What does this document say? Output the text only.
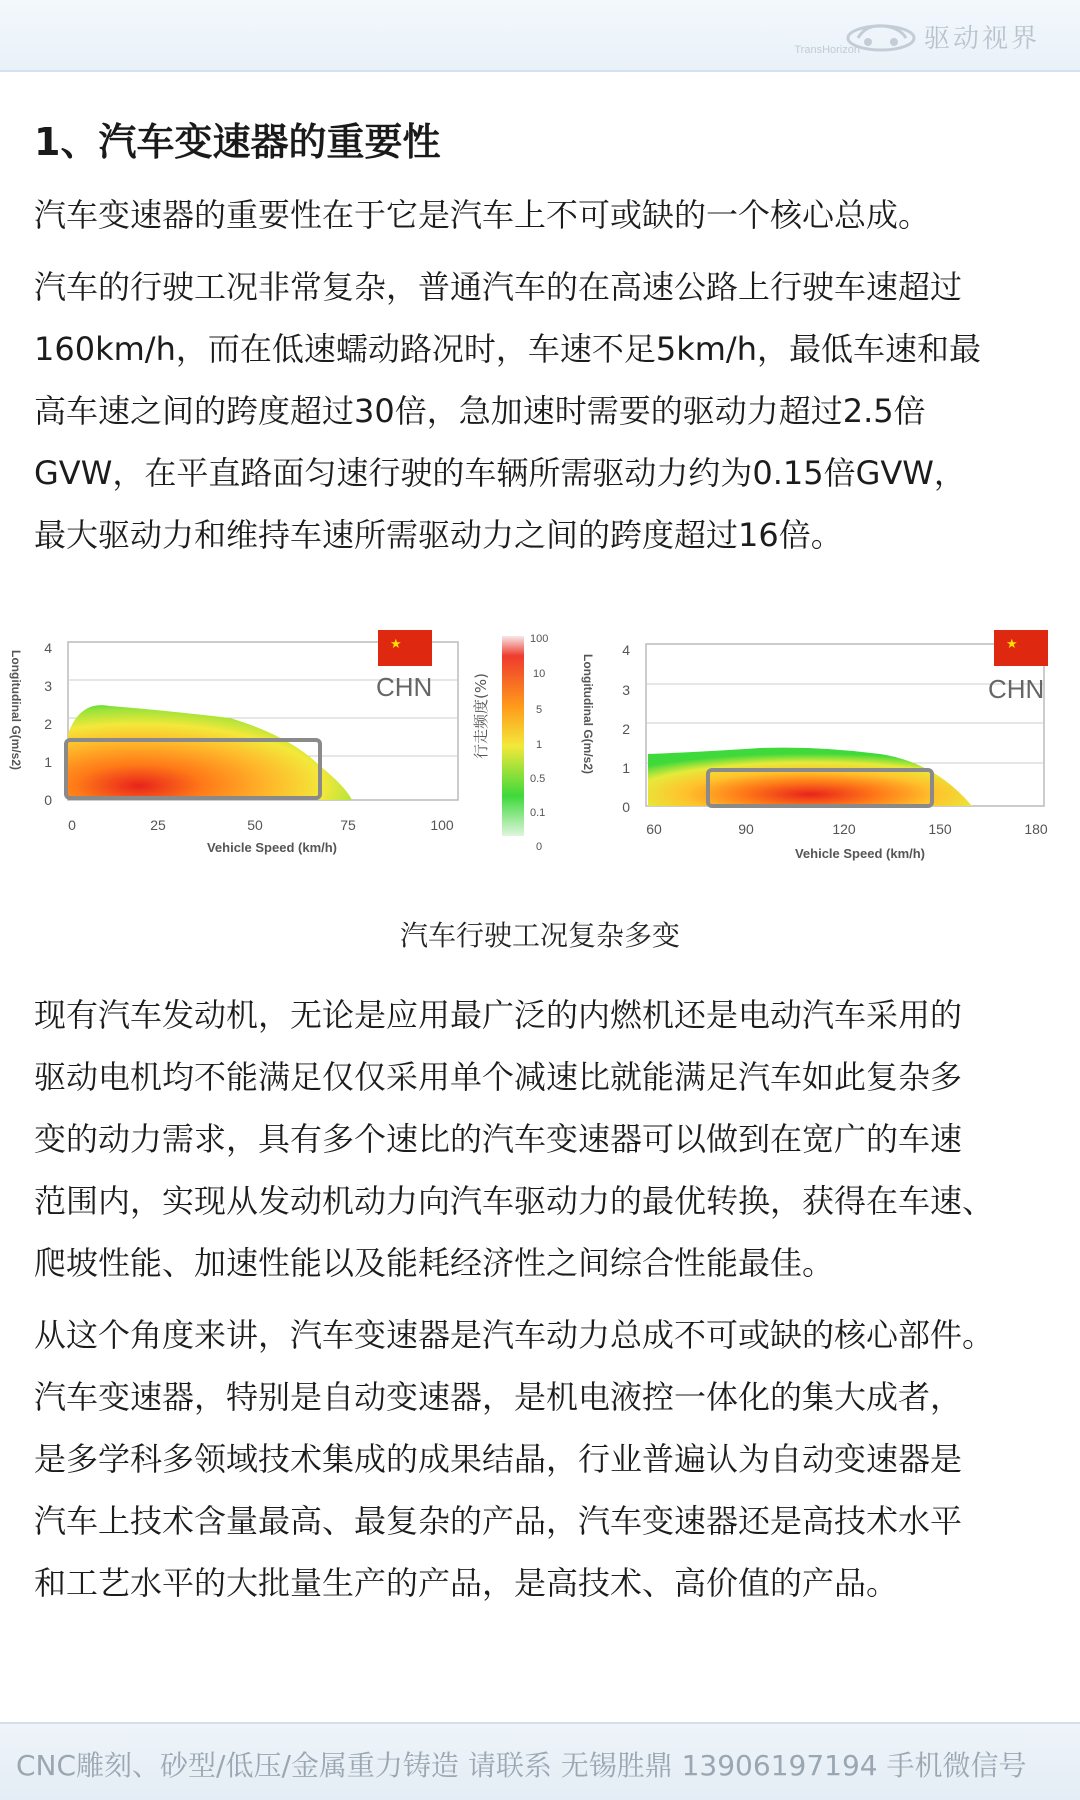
驱动视界
TransHorizon
1、汽车变速器的重要性
汽车变速器的重要性在于它是汽车上不可或缺的一个核心总成。
汽车的行驶工况非常复杂，普通汽车的在高速公路上行驶车速超过
160km/h，而在低速蠕动路况时，车速不足5km/h，最低车速和最
高车速之间的跨度超过30倍，急加速时需要的驱动力超过2.5倍
GVW，在平直路面匀速行驶的车辆所需驱动力约为0.15倍GVW，
最大驱动力和维持车速所需驱动力之间的跨度超过16倍。
Longitudinal G(m/s2)
4
3
2
1
0
★
CHN
0	25	50	75	100
Vehicle Speed (km/h)
行走频度(%)
100
10
5
1
0.5
0.1
0
Longitudinal G(m/s2)
4
3
2
1
0
★
CHN
60	90	120	150	180
Vehicle Speed (km/h)
汽车行驶工况复杂多变
现有汽车发动机，无论是应用最广泛的内燃机还是电动汽车采用的
驱动电机均不能满足仅仅采用单个减速比就能满足汽车如此复杂多
变的动力需求，具有多个速比的汽车变速器可以做到在宽广的车速
范围内，实现从发动机动力向汽车驱动力的最优转换，获得在车速、
爬坡性能、加速性能以及能耗经济性之间综合性能最佳。
从这个角度来讲，汽车变速器是汽车动力总成不可或缺的核心部件。
汽车变速器，特别是自动变速器，是机电液控一体化的集大成者，
是多学科多领域技术集成的成果结晶，行业普遍认为自动变速器是
汽车上技术含量最高、最复杂的产品，汽车变速器还是高技术水平
和工艺水平的大批量生产的产品，是高技术、高价值的产品。
CNC雕刻、砂型/低压/金属重力铸造 请联系 无锡胜鼎 13906197194 手机微信号
